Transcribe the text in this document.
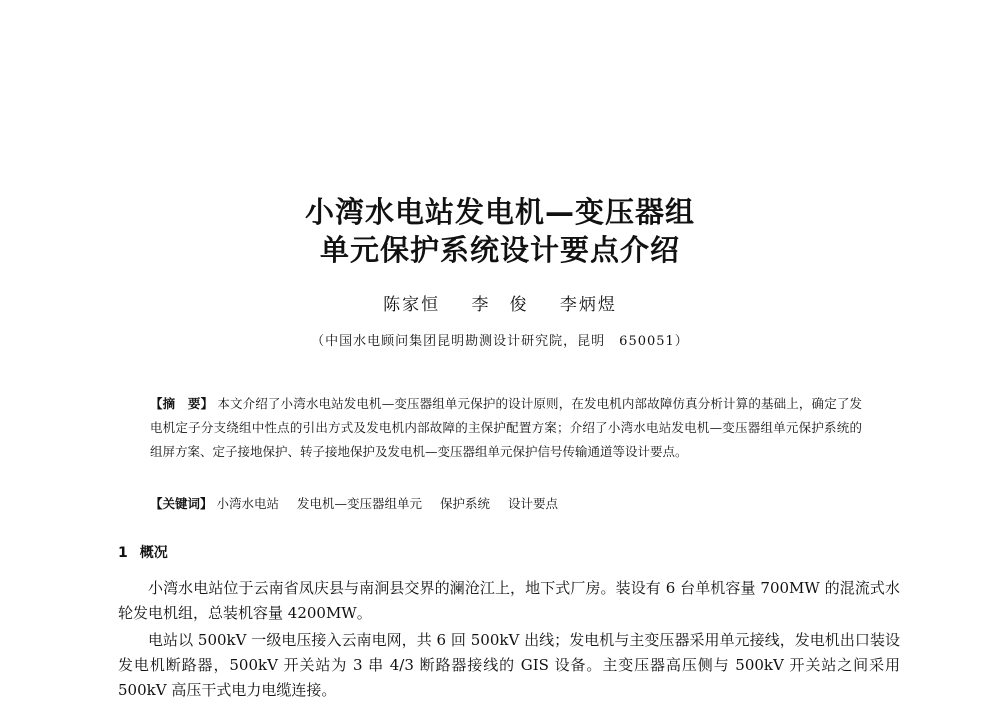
小湾水电站发电机—变压器组
单元保护系统设计要点介绍
陈家恒 李　俊 李炳煜
（中国水电顾问集团昆明勘测设计研究院，昆明　650051）
【摘　要】 本文介绍了小湾水电站发电机—变压器组单元保护的设计原则，在发电机内部故障仿真分析计算的基础上，确定了发电机定子分支绕组中性点的引出方式及发电机内部故障的主保护配置方案；介绍了小湾水电站发电机—变压器组单元保护系统的组屏方案、定子接地保护、转子接地保护及发电机—变压器组单元保护信号传输通道等设计要点。
【关键词】 小湾水电站 发电机—变压器组单元 保护系统 设计要点
1 概况

小湾水电站位于云南省凤庆县与南涧县交界的澜沧江上，地下式厂房。装设有 6 台单机容量 700MW 的混流式水轮发电机组，总装机容量 4200MW。

电站以 500kV 一级电压接入云南电网，共 6 回 500kV 出线；发电机与主变压器采用单元接线，发电机出口装设发电机断路器，500kV 开关站为 3 串 4/3 断路器接线的 GIS 设备。主变压器高压侧与 500kV 开关站之间采用 500kV 高压干式电力电缆连接。
